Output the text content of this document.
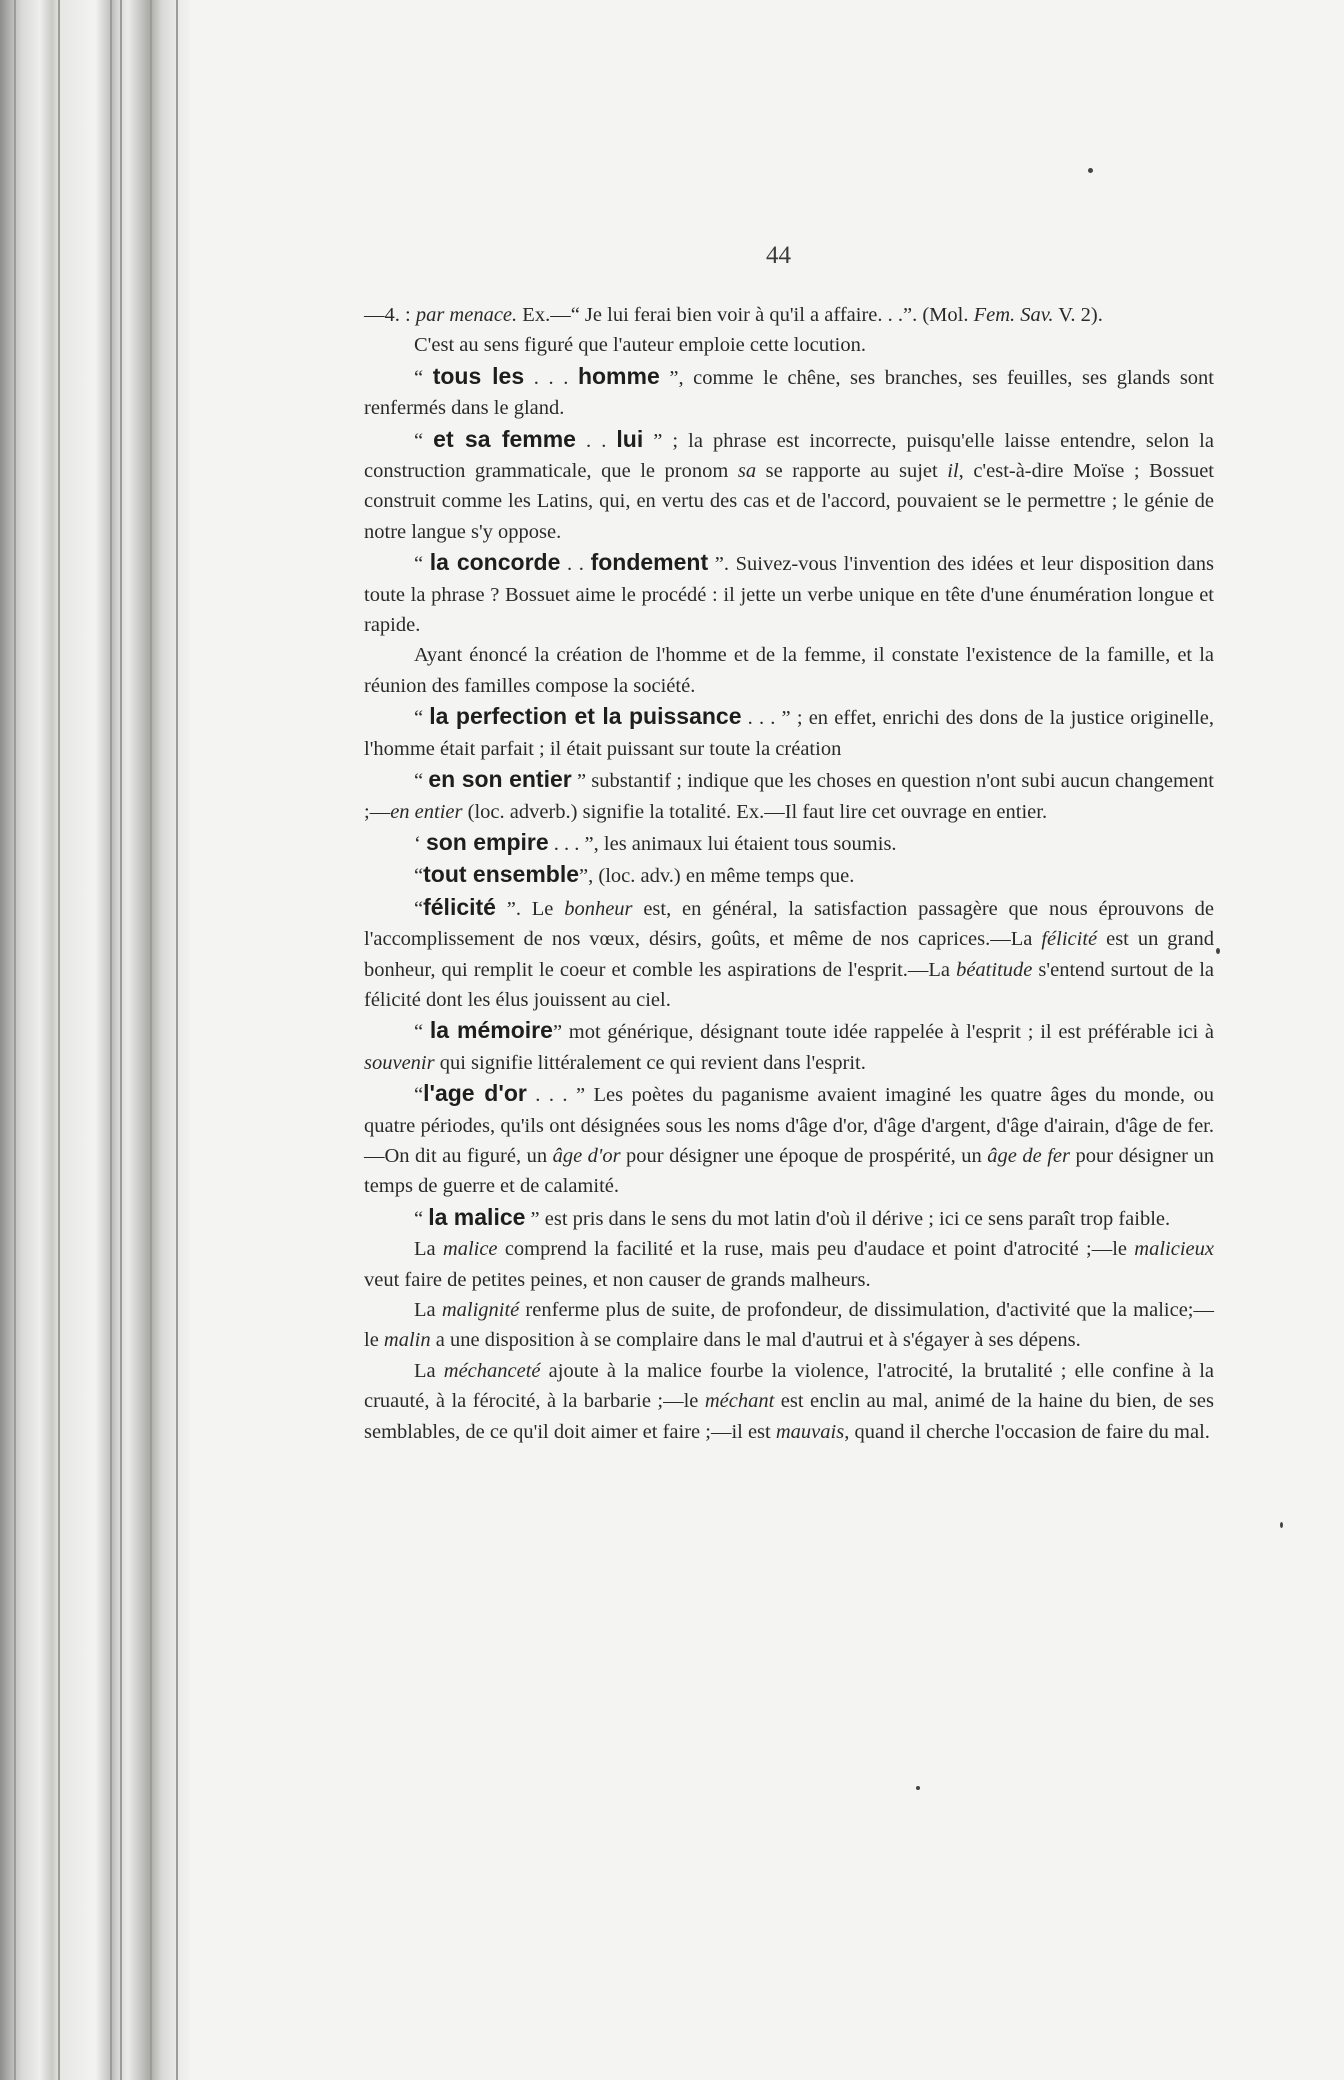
44

—4. : par menace. Ex.—“ Je lui ferai bien voir à qu'il a affaire. . .”. (Mol. Fem. Sav. V. 2).

C'est au sens figuré que l'auteur emploie cette locution.

“ tous les . . . homme ”, comme le chêne, ses branches, ses feuilles, ses glands sont renfermés dans le gland.

“ et sa femme . . lui ” ; la phrase est incorrecte, puisqu'elle laisse entendre, selon la construction grammaticale, que le pronom sa se rapporte au sujet il, c'est-à-dire Moïse ; Bossuet construit comme les Latins, qui, en vertu des cas et de l'accord, pouvaient se le permettre ; le génie de notre langue s'y oppose.

“ la concorde . . fondement ”. Suivez-vous l'invention des idées et leur disposition dans toute la phrase ? Bossuet aime le procédé : il jette un verbe unique en tête d'une énumération longue et rapide.

Ayant énoncé la création de l'homme et de la femme, il constate l'existence de la famille, et la réunion des familles compose la société.

“ la perfection et la puissance . . . ” ; en effet, enrichi des dons de la justice originelle, l'homme était parfait ; il était puissant sur toute la création

“ en son entier ” substantif ; indique que les choses en question n'ont subi aucun changement ;—en entier (loc. adverb.) signifie la totalité. Ex.—Il faut lire cet ouvrage en entier.

‘ son empire . . . ”, les animaux lui étaient tous soumis.

“tout ensemble”, (loc. adv.) en même temps que.

“félicité ”. Le bonheur est, en général, la satisfaction passagère que nous éprouvons de l'accomplissement de nos vœux, désirs, goûts, et même de nos caprices.—La félicité est un grand bonheur, qui remplit le coeur et comble les aspirations de l'esprit.—La béatitude s'entend surtout de la félicité dont les élus jouissent au ciel.

“ la mémoire” mot générique, désignant toute idée rappelée à l'esprit ; il est préférable ici à souvenir qui signifie littéralement ce qui revient dans l'esprit.

“l'age d'or . . . ” Les poètes du paganisme avaient imaginé les quatre âges du monde, ou quatre périodes, qu'ils ont désignées sous les noms d'âge d'or, d'âge d'argent, d'âge d'airain, d'âge de fer. —On dit au figuré, un âge d'or pour désigner une époque de prospérité, un âge de fer pour désigner un temps de guerre et de calamité.

“ la malice ” est pris dans le sens du mot latin d'où il dérive ; ici ce sens paraît trop faible.

La malice comprend la facilité et la ruse, mais peu d'audace et point d'atrocité ;—le malicieux veut faire de petites peines, et non causer de grands malheurs.

La malignité renferme plus de suite, de profondeur, de dissimulation, d'activité que la malice;—le malin a une disposition à se complaire dans le mal d'autrui et à s'égayer à ses dépens.

La méchanceté ajoute à la malice fourbe la violence, l'atrocité, la brutalité ; elle confine à la cruauté, à la férocité, à la barbarie ;—le méchant est enclin au mal, animé de la haine du bien, de ses semblables, de ce qu'il doit aimer et faire ;—il est mauvais, quand il cherche l'occasion de faire du mal.
